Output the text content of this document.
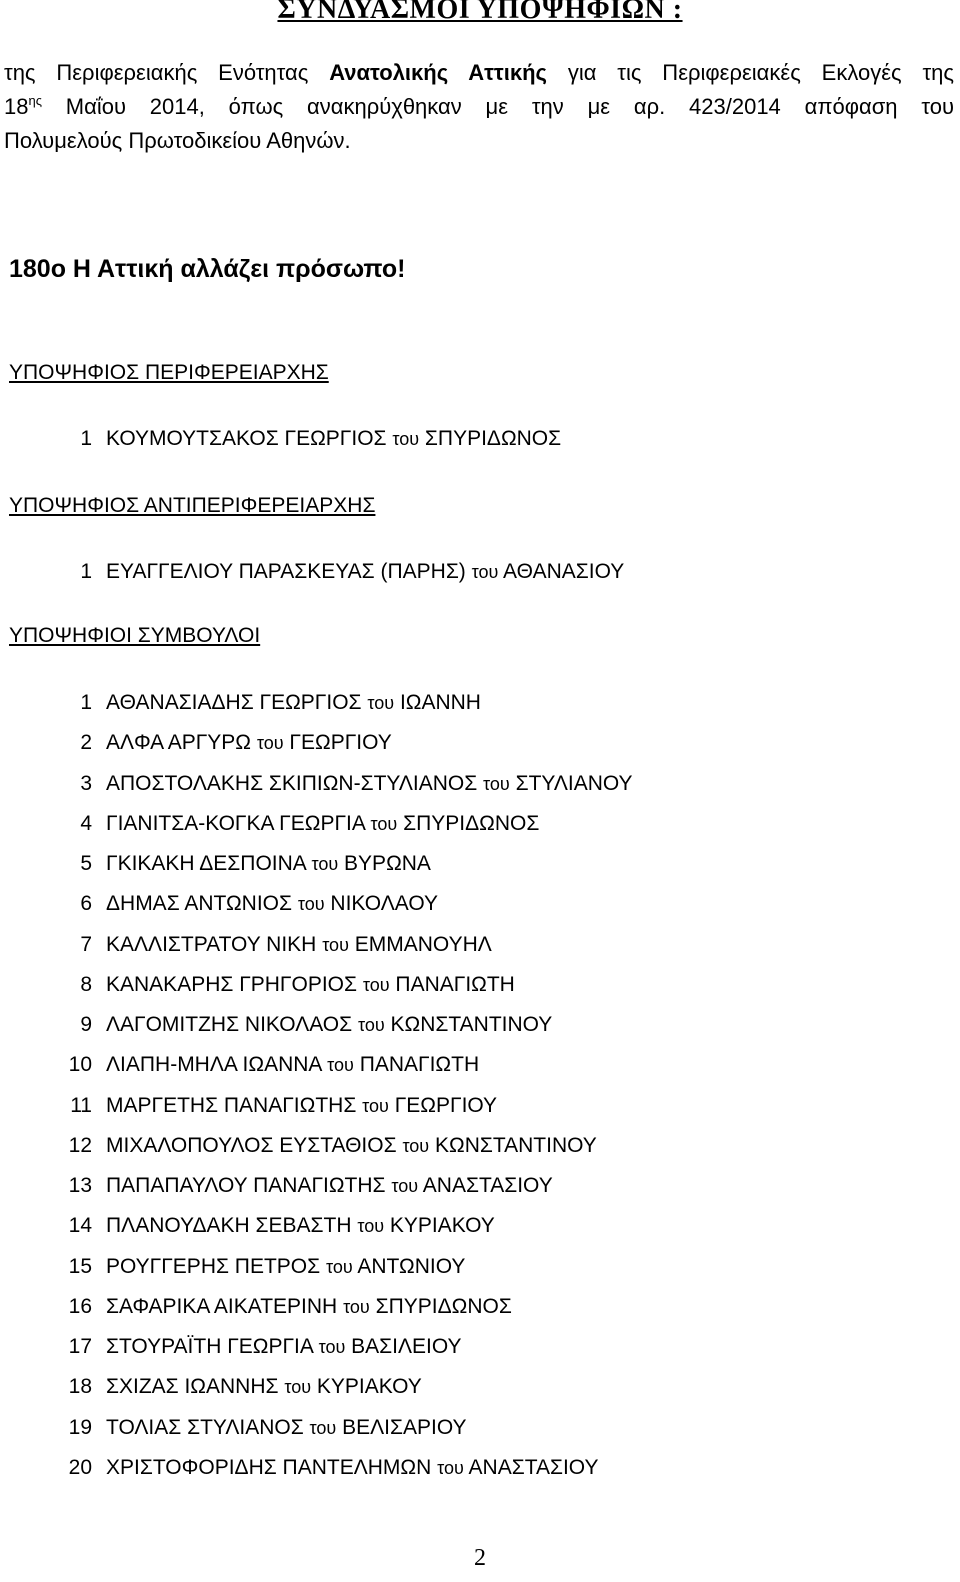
ΣΥΝΔΥΑΣΜΟΙ ΥΠΟΨΗΦΙΩΝ :
της Περιφερειακής Ενότητας Ανατολικής Αττικής για τις Περιφερειακές Εκλογές της
$18^{\eta\varsigma}$ Μαΐου 2014, όπως ανακηρύχθηκαν με την με αρ. 423/2014 απόφαση του
Πολυμελούς Πρωτοδικείου Αθηνών.
180ο Η Αττική αλλάζει πρόσωπο!
ΥΠΟΨΗΦΙΟΣ ΠΕΡΙΦΕΡΕΙΑΡΧΗΣ
1 ΚΟΥΜΟΥΤΣΑΚΟΣ ΓΕΩΡΓΙΟΣ του ΣΠΥΡΙΔΩΝΟΣ
ΥΠΟΨΗΦΙΟΣ ΑΝΤΙΠΕΡΙΦΕΡΕΙΑΡΧΗΣ
1 ΕΥΑΓΓΕΛΙΟΥ ΠΑΡΑΣΚΕΥΑΣ (ΠΑΡΗΣ) του ΑΘΑΝΑΣΙΟΥ
ΥΠΟΨΗΦΙΟΙ ΣΥΜΒΟΥΛΟΙ
1 ΑΘΑΝΑΣΙΑΔΗΣ ΓΕΩΡΓΙΟΣ του ΙΩΑΝΝΗ
2 ΑΛΦΑ ΑΡΓΥΡΩ του ΓΕΩΡΓΙΟΥ
3 ΑΠΟΣΤΟΛΑΚΗΣ ΣΚΙΠΙΩΝ-ΣΤΥΛΙΑΝΟΣ του ΣΤΥΛΙΑΝΟΥ
4 ΓΙΑΝΙΤΣΑ-ΚΟΓΚΑ ΓΕΩΡΓΙΑ του ΣΠΥΡΙΔΩΝΟΣ
5 ΓΚΙΚΑΚΗ ΔΕΣΠΟΙΝΑ του ΒΥΡΩΝΑ
6 ΔΗΜΑΣ ΑΝΤΩΝΙΟΣ του ΝΙΚΟΛΑΟΥ
7 ΚΑΛΛΙΣΤΡΑΤΟΥ ΝΙΚΗ του ΕΜΜΑΝΟΥΗΛ
8 ΚΑΝΑΚΑΡΗΣ ΓΡΗΓΟΡΙΟΣ του ΠΑΝΑΓΙΩΤΗ
9 ΛΑΓΟΜΙΤΖΗΣ ΝΙΚΟΛΑΟΣ του ΚΩΝΣΤΑΝΤΙΝΟΥ
10 ΛΙΑΠΗ-ΜΗΛΑ ΙΩΑΝΝΑ του ΠΑΝΑΓΙΩΤΗ
11 ΜΑΡΓΕΤΗΣ ΠΑΝΑΓΙΩΤΗΣ του ΓΕΩΡΓΙΟΥ
12 ΜΙΧΑΛΟΠΟΥΛΟΣ ΕΥΣΤΑΘΙΟΣ του ΚΩΝΣΤΑΝΤΙΝΟΥ
13 ΠΑΠΑΠΑΥΛΟΥ ΠΑΝΑΓΙΩΤΗΣ του ΑΝΑΣΤΑΣΙΟΥ
14 ΠΛΑΝΟΥΔΑΚΗ ΣΕΒΑΣΤΗ του ΚΥΡΙΑΚΟΥ
15 ΡΟΥΓΓΕΡΗΣ ΠΕΤΡΟΣ του ΑΝΤΩΝΙΟΥ
16 ΣΑΦΑΡΙΚΑ ΑΙΚΑΤΕΡΙΝΗ του ΣΠΥΡΙΔΩΝΟΣ
17 ΣΤΟΥΡΑΪΤΗ ΓΕΩΡΓΙΑ του ΒΑΣΙΛΕΙΟΥ
18 ΣΧΙΖΑΣ ΙΩΑΝΝΗΣ του ΚΥΡΙΑΚΟΥ
19 ΤΟΛΙΑΣ ΣΤΥΛΙΑΝΟΣ του ΒΕΛΙΣΑΡΙΟΥ
20 ΧΡΙΣΤΟΦΟΡΙΔΗΣ ΠΑΝΤΕΛΗΜΩΝ του ΑΝΑΣΤΑΣΙΟΥ
2
